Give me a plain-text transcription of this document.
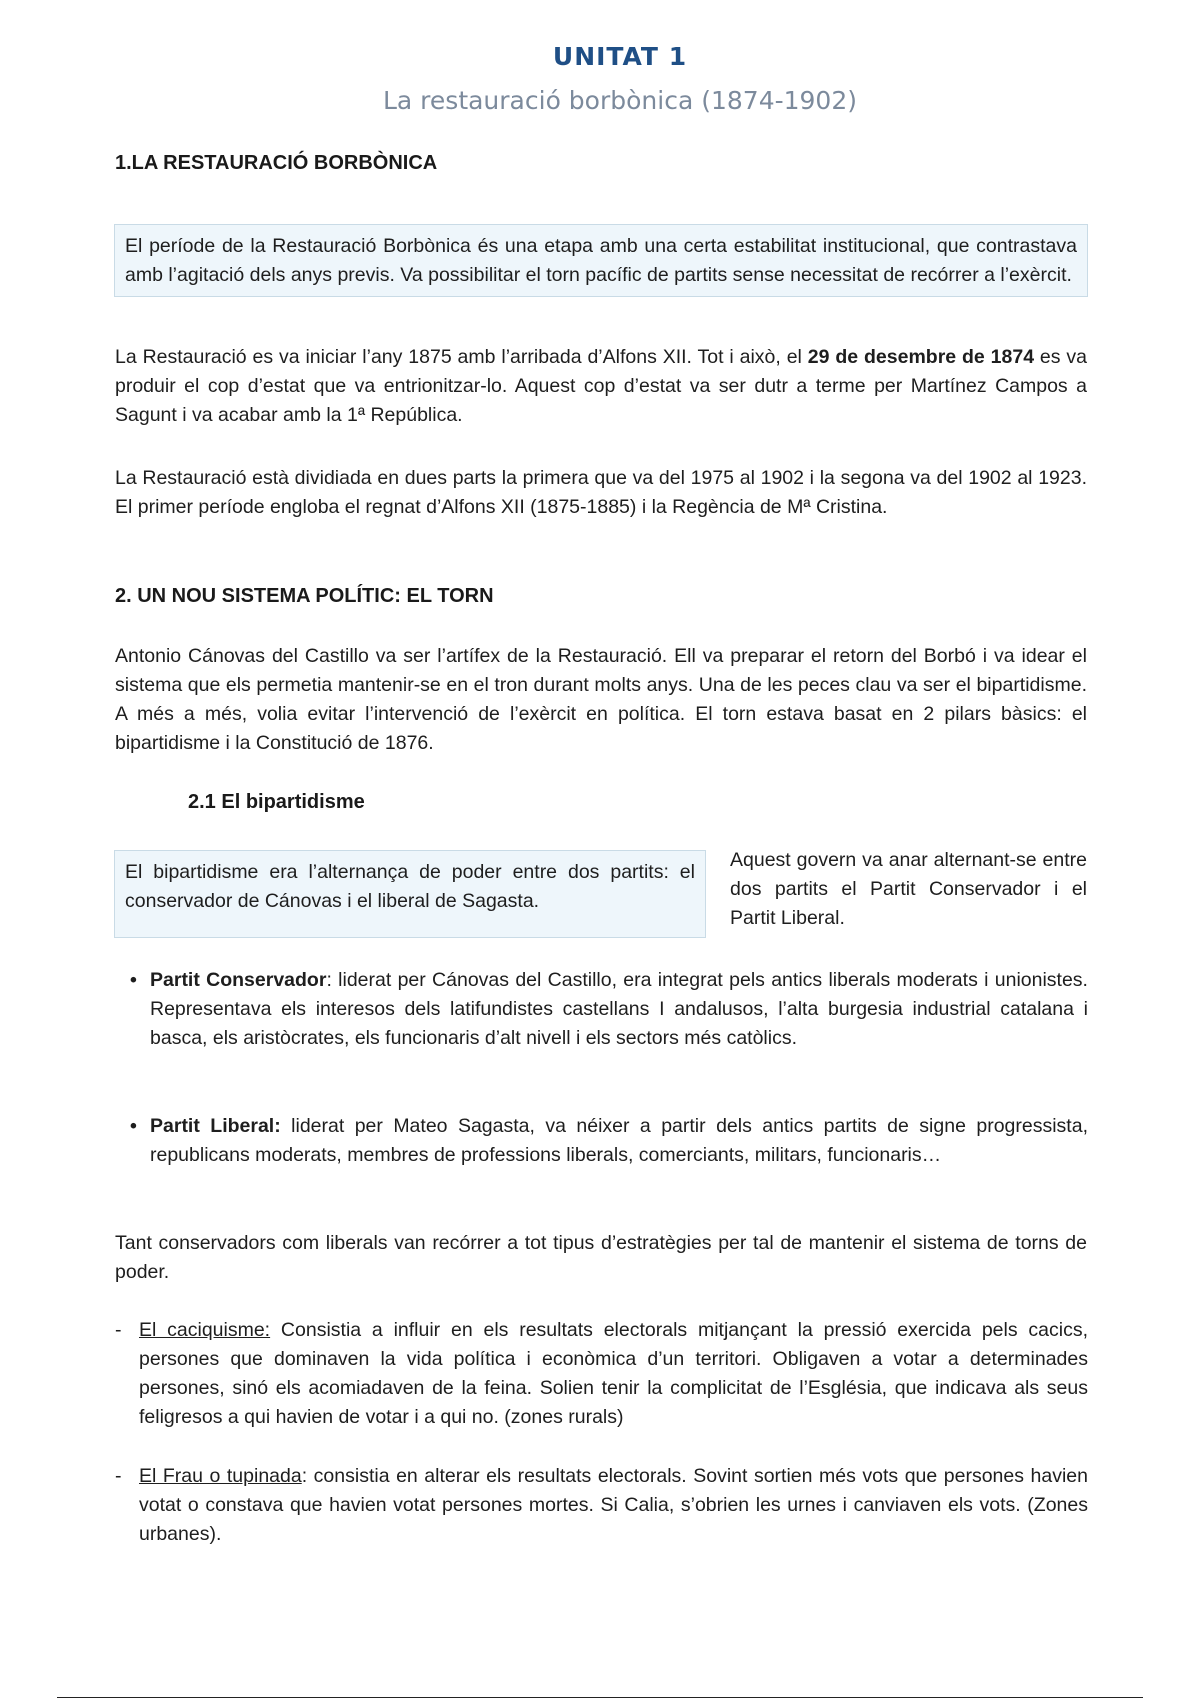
UNITAT 1
La restauració borbònica (1874-1902)
1.LA RESTAURACIÓ BORBÒNICA
El període de la Restauració Borbònica és una etapa amb una certa estabilitat institucional, que contrastava amb l’agitació dels anys previs. Va possibilitar el torn pacífic de partits sense necessitat de recórrer a l’exèrcit.

La Restauració es va iniciar l’any 1875 amb l’arribada d’Alfons XII. Tot i això, el 29 de desembre de 1874 es va produir el cop d’estat que va entrionitzar-lo. Aquest cop d’estat va ser dutr a terme per Martínez Campos a Sagunt i va acabar amb la 1ª República.

La Restauració està dividiada en dues parts la primera que va del 1975 al 1902 i la segona va del 1902 al 1923. El primer període engloba el regnat d’Alfons XII (1875-1885) i la Regència de Mª Cristina.

2. UN NOU SISTEMA POLÍTIC: EL TORN

Antonio Cánovas del Castillo va ser l’artífex de la Restauració. Ell va preparar el retorn del Borbó i va idear el sistema que els permetia mantenir-se en el tron durant molts anys. Una de les peces clau va ser el bipartidisme. A més a més, volia evitar l’intervenció de l’exèrcit en política. El torn estava basat en 2 pilars bàsics: el bipartidisme i la Constitució de 1876.

2.1 El bipartidisme
El bipartidisme era l’alternança de poder entre dos partits: el conservador de Cánovas i el liberal de Sagasta.
Aquest govern va anar alternant-se entre dos partits el Partit Conservador i el Partit Liberal.
• Partit Conservador: liderat per Cánovas del Castillo, era integrat pels antics liberals moderats i unionistes. Representava els interesos dels latifundistes castellans I andalusos, l’alta burgesia industrial catalana i basca, els aristòcrates, els funcionaris d’alt nivell i els sectors més catòlics.
• Partit Liberal: liderat per Mateo Sagasta, va néixer a partir dels antics partits de signe progressista, republicans moderats, membres de professions liberals, comerciants, militars, funcionaris…

Tant conservadors com liberals van recórrer a tot tipus d’estratègies per tal de mantenir el sistema de torns de poder.

- El caciquisme: Consistia a influir en els resultats electorals mitjançant la pressió exercida pels cacics, persones que dominaven la vida política i econòmica d’un territori. Obligaven a votar a determinades persones, sinó els acomiadaven de la feina. Solien tenir la complicitat de l’Església, que indicava als seus feligresos a qui havien de votar i a qui no. (zones rurals)
- El Frau o tupinada: consistia en alterar els resultats electorals. Sovint sortien més vots que persones havien votat o constava que havien votat persones mortes. Si Calia, s’obrien les urnes i canviaven els vots. (Zones urbanes).
